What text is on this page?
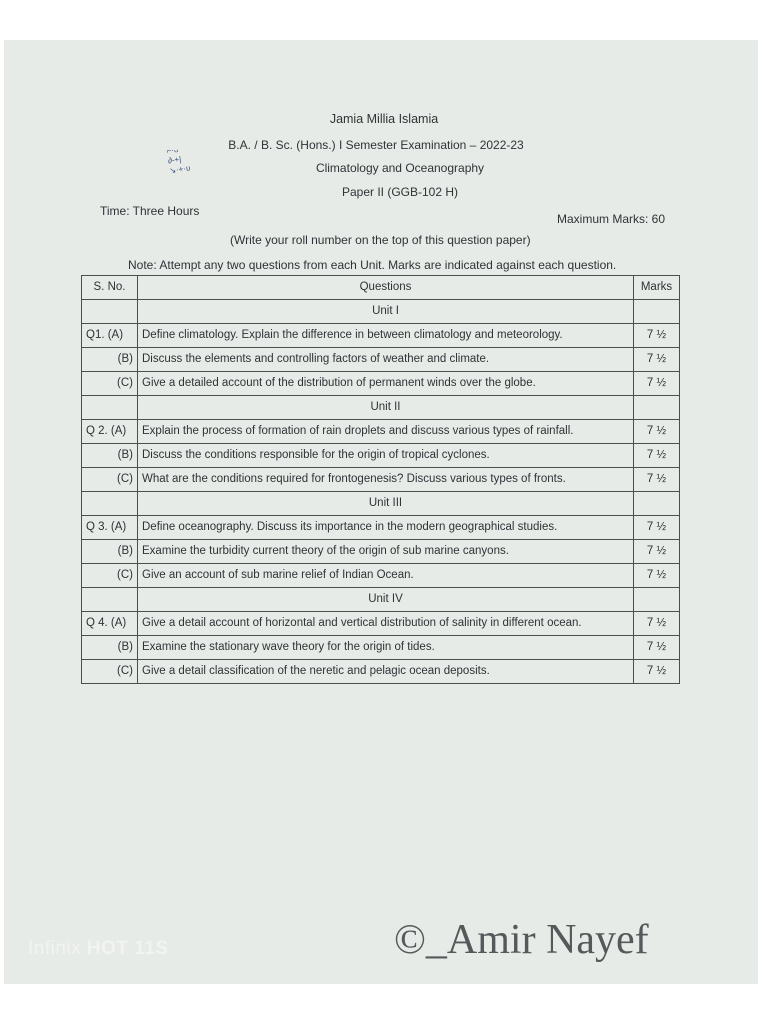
Jamia Millia Islamia
B.A. / B. Sc. (Hons.) I Semester Examination – 2022-23
Climatology and Oceanography
Paper II (GGB-102 H)
⌐·ᴗ
∂-+|
↘·+·ʋ
Time: Three Hours
Maximum Marks: 60
(Write your roll number on the top of this question paper)
Note: Attempt any two questions from each Unit. Marks are indicated against each question.
S. No.	Questions	Marks
	Unit I	
Q1. (A)	Define climatology. Explain the difference in between climatology and meteorology.	7 ½
(B)	Discuss the elements and controlling factors of weather and climate.	7 ½
(C)	Give a detailed account of the distribution of permanent winds over the globe.	7 ½
	Unit II	
Q 2. (A)	Explain the process of formation of rain droplets and discuss various types of rainfall.	7 ½
(B)	Discuss the conditions responsible for the origin of tropical cyclones.	7 ½
(C)	What are the conditions required for frontogenesis? Discuss various types of fronts.	7 ½
	Unit III	
Q 3. (A)	Define oceanography. Discuss its importance in the modern geographical studies.	7 ½
(B)	Examine the turbidity current theory of the origin of sub marine canyons.	7 ½
(C)	Give an account of sub marine relief of Indian Ocean.	7 ½
	Unit IV	
Q 4. (A)	Give a detail account of horizontal and vertical distribution of salinity in different ocean.	7 ½
(B)	Examine the stationary wave theory for the origin of tides.	7 ½
(C)	Give a detail classification of the neretic and pelagic ocean deposits.	7 ½
Infinix HOT 11S	©_Amir Nayef
